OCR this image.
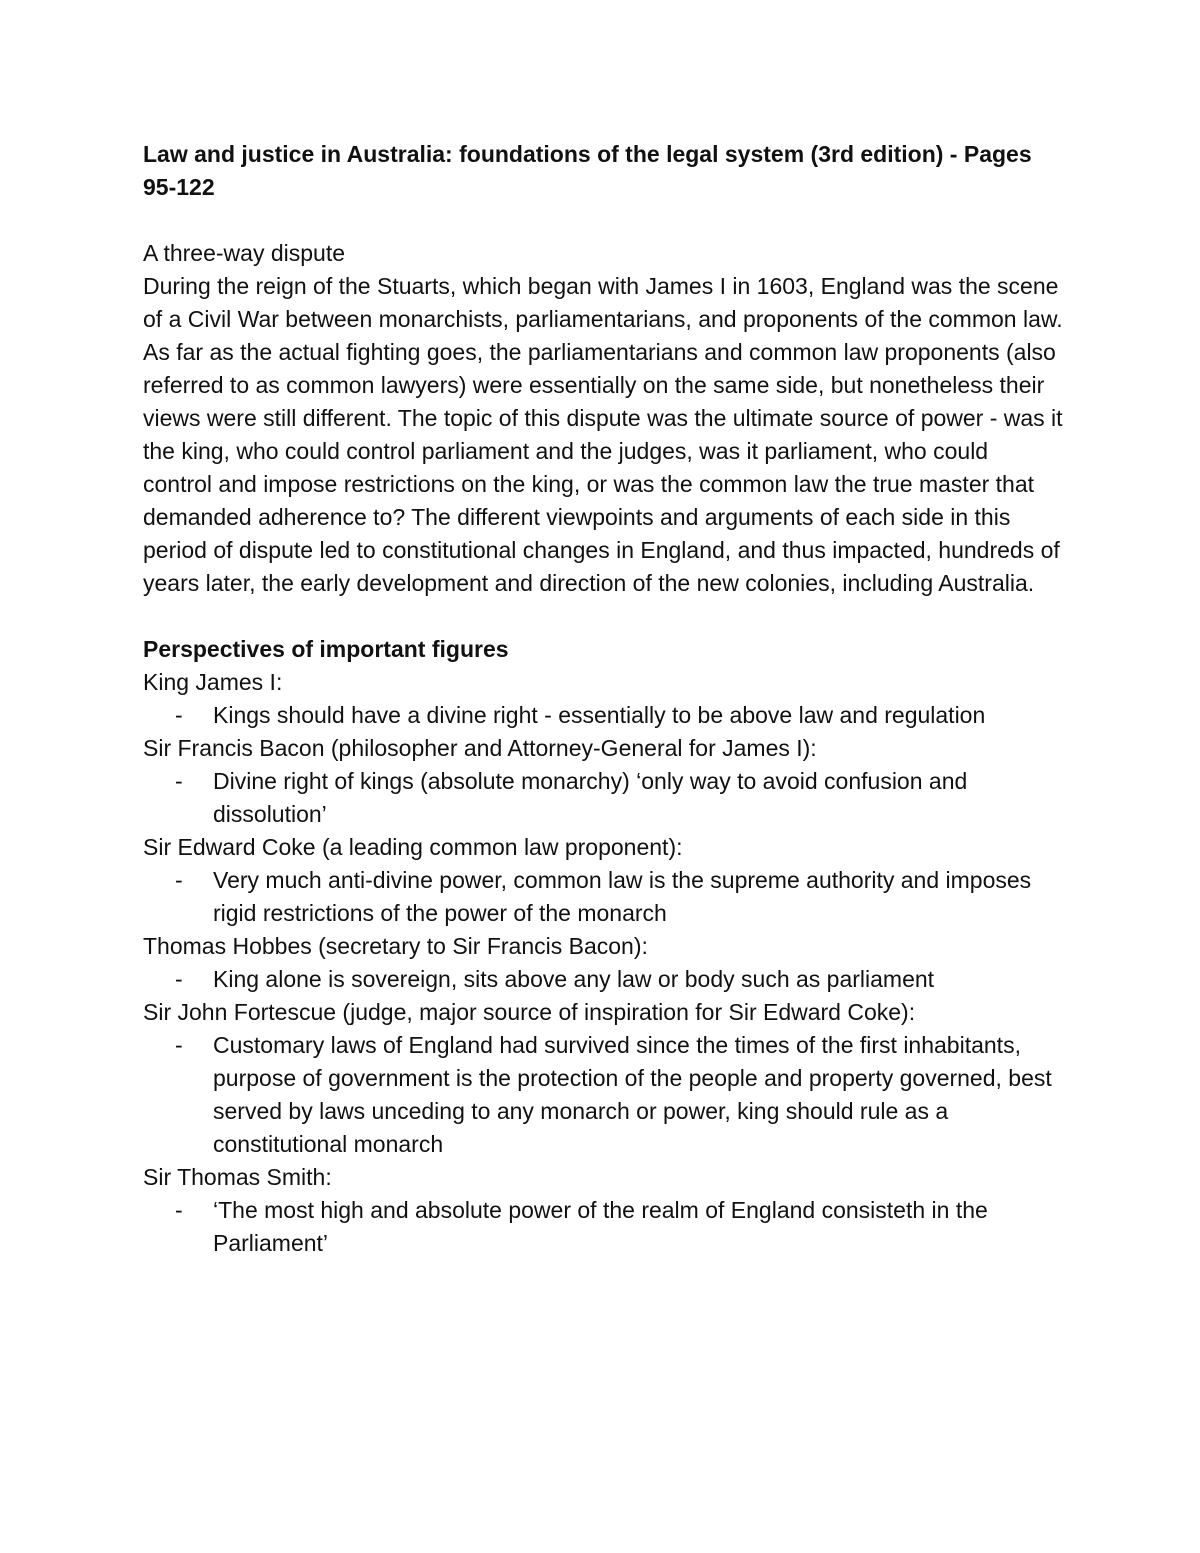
Law and justice in Australia: foundations of the legal system (3rd edition) - Pages 95-122

A three-way dispute

During the reign of the Stuarts, which began with James I in 1603, England was the scene of a Civil War between monarchists, parliamentarians, and proponents of the common law. As far as the actual fighting goes, the parliamentarians and common law proponents (also referred to as common lawyers) were essentially on the same side, but nonetheless their views were still different. The topic of this dispute was the ultimate source of power - was it the king, who could control parliament and the judges, was it parliament, who could control and impose restrictions on the king, or was the common law the true master that demanded adherence to? The different viewpoints and arguments of each side in this period of dispute led to constitutional changes in England, and thus impacted, hundreds of years later, the early development and direction of the new colonies, including Australia.

Perspectives of important figures

King James I:

- Kings should have a divine right - essentially to be above law and regulation

Sir Francis Bacon (philosopher and Attorney-General for James I):

- Divine right of kings (absolute monarchy) ‘only way to avoid confusion and dissolution’

Sir Edward Coke (a leading common law proponent):

- Very much anti-divine power, common law is the supreme authority and imposes rigid restrictions of the power of the monarch

Thomas Hobbes (secretary to Sir Francis Bacon):

- King alone is sovereign, sits above any law or body such as parliament

Sir John Fortescue (judge, major source of inspiration for Sir Edward Coke):

- Customary laws of England had survived since the times of the first inhabitants, purpose of government is the protection of the people and property governed, best served by laws unceding to any monarch or power, king should rule as a constitutional monarch

Sir Thomas Smith:

- ‘The most high and absolute power of the realm of England consisteth in the Parliament’
